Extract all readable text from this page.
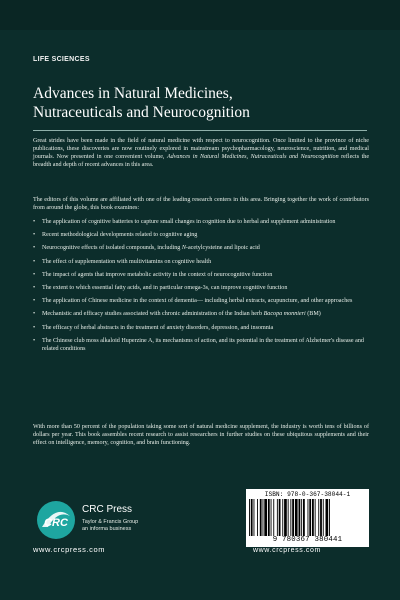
LIFE SCIENCES
Advances in Natural Medicines,
Nutraceuticals and Neurocognition

Great strides have been made in the field of natural medicine with respect to neurocognition. Once limited to the province of niche publications, these discoveries are now routinely explored in mainstream psychopharmacology, neuroscience, nutrition, and medical journals. Now presented in one convenient volume, Advances in Natural Medicines, Nutraceuticals and Neurocognition reflects the breadth and depth of recent advances in this area.

The editors of this volume are affiliated with one of the leading research centers in this area. Bringing together the work of contributors from around the globe, this book examines:

• The application of cognitive batteries to capture small changes in cognition due to herbal and supplement administration
• Recent methodological developments related to cognitive aging
• Neurocognitive effects of isolated compounds, including N-acetylcysteine and lipoic acid
• The effect of supplementation with multivitamins on cognitive health
• The impact of agents that improve metabolic activity in the context of neurocognitive function
• The extent to which essential fatty acids, and in particular omega-3s, can improve cognitive function
• The application of Chinese medicine in the context of dementia— including herbal extracts, acupuncture, and other approaches
• Mechanistic and efficacy studies associated with chronic administration of the Indian herb Bacopa monnieri (BM)
• The efficacy of herbal abstracts in the treatment of anxiety disorders, depression, and insomnia
• The Chinese club moss alkaloid Huperzine A, its mechanisms of action, and its potential in the treatment of Alzheimer's disease and related conditions

With more than 50 percent of the population taking some sort of natural medicine supplement, the industry is worth tens of billions of dollars per year. This book assembles recent research to assist researchers in further studies on these ubiquitous supplements and their effect on intelligence, memory, cognition, and brain functioning.

CRC
CRC Press
Taylor & Francis Group
an informa business
www.crcpress.com
ISBN: 978-0-367-38044-1
9 780367 380441
www.crcpress.com
